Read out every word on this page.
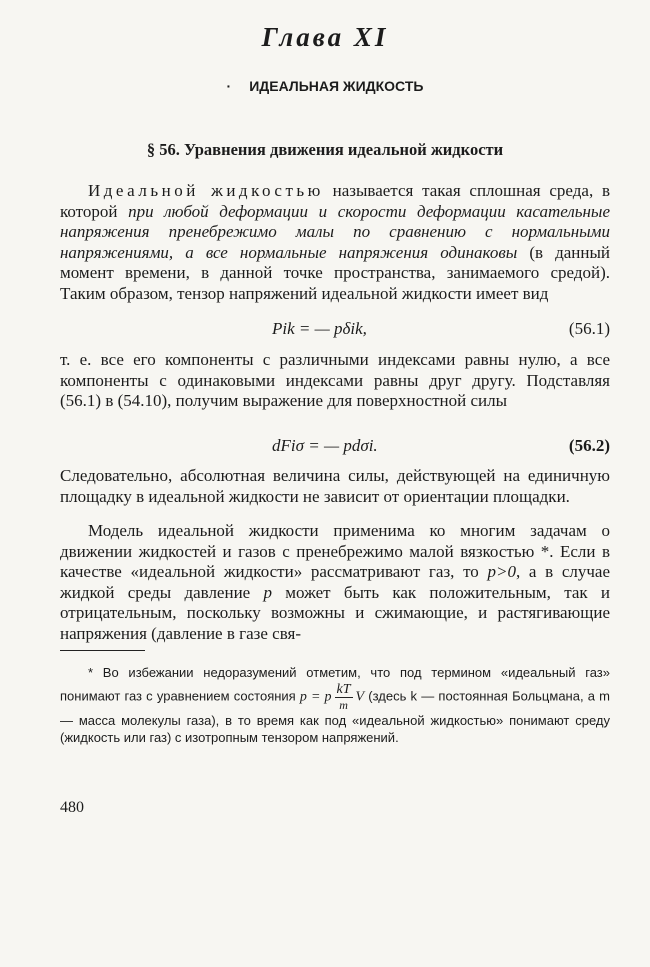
Глава XI
· ИДЕАЛЬНАЯ ЖИДКОСТЬ
§ 56. Уравнения движения идеальной жидкости
Идеальной жидкостью называется такая сплошная среда, в которой при любой деформации и скорости деформации касательные напряжения пренебрежимо малы по сравнению с нормальными напряжениями, а все нормальные напряжения одинаковы (в данный момент времени, в данной точке пространства, занимаемого средой). Таким образом, тензор напряжений идеальной жидкости имеет вид
Pik = — pδik,	(56.1)
т. е. все его компоненты с различными индексами равны нулю, а все компоненты с одинаковыми индексами равны друг другу. Подставляя (56.1) в (54.10), получим выражение для поверхностной силы
dFiσ = — pdσi.	(56.2)
Следовательно, абсолютная величина силы, действующей на единичную площадку в идеальной жидкости не зависит от ориентации площадки.
Модель идеальной жидкости применима ко многим задачам о движении жидкостей и газов с пренебрежимо малой вязкостью *. Если в качестве «идеальной жидкости» рассматривают газ, то p>0, а в случае жидкой среды давление p может быть как положительным, так и отрицательным, поскольку возможны и сжимающие, и растягивающие напряжения (давление в газе свя-
* Во избежании недоразумений отметим, что под термином «идеальный газ» понимают газ с уравнением состояния p = p $\frac{kT}{m}$ V (здесь k — постоянная Больцмана, а m — масса молекулы газа), в то время как под «идеальной жидкостью» понимают среду (жидкость или газ) с изотропным тензором напряжений.
480
